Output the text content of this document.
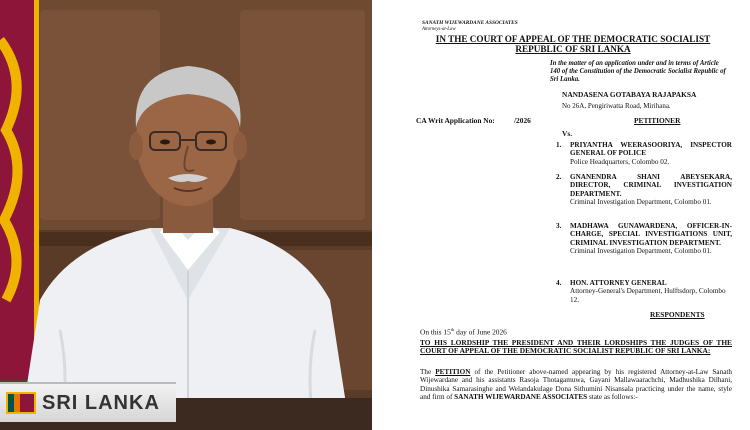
SRI LANKA
SANATH WIJEWARDANE ASSOCIATES
Attorneys-at-Law
IN THE COURT OF APPEAL OF THE DEMOCRATIC SOCIALIST REPUBLIC OF SRI LANKA
In the matter of an application under and in terms of Article 140 of the Constitution of the Democratic Socialist Republic of Sri Lanka.
NANDASENA GOTABAYA RAJAPAKSA
No 26A, Pengiriwatta Road, Mirihana.
CA Writ Application No:	/2026	PETITIONER
Vs.
1. PRIYANTHA WEERASOORIYA, INSPECTOR GENERAL OF POLICE
Police Headquarters, Colombo 02.
2. GNANENDRA SHANI ABEYSEKARA, DIRECTOR, CRIMINAL INVESTIGATION DEPARTMENT.
Criminal Investigation Department, Colombo 01.
3. MADHAWA GUNAWARDENA, OFFICER-IN-CHARGE, SPECIAL INVESTIGATIONS UNIT, CRIMINAL INVESTIGATION DEPARTMENT.
Criminal Investigation Department, Colombo 01.
4. HON. ATTORNEY GENERAL
Attorney-General's Department, Hulftsdorp, Colombo 12.
RESPONDENTS
On this 15th day of June 2026
TO HIS LORDSHIP THE PRESIDENT AND THEIR LORDSHIPS THE JUDGES OF THE COURT OF APPEAL OF THE DEMOCRATIC SOCIALIST REPUBLIC OF SRI LANKA:
The PETITION of the Petitioner above-named appearing by his registered Attorney-at-Law Sanath Wijewardane and his assistants Rasoja Thotagamuwa, Gayani Mallawaarachchi, Madhushika Dilhani, Dinushika Samarasinghe and Welandakulage Dona Sithumini Nisansala practicing under the name, style and firm of SANATH WIJEWARDANE ASSOCIATES state as follows:-
